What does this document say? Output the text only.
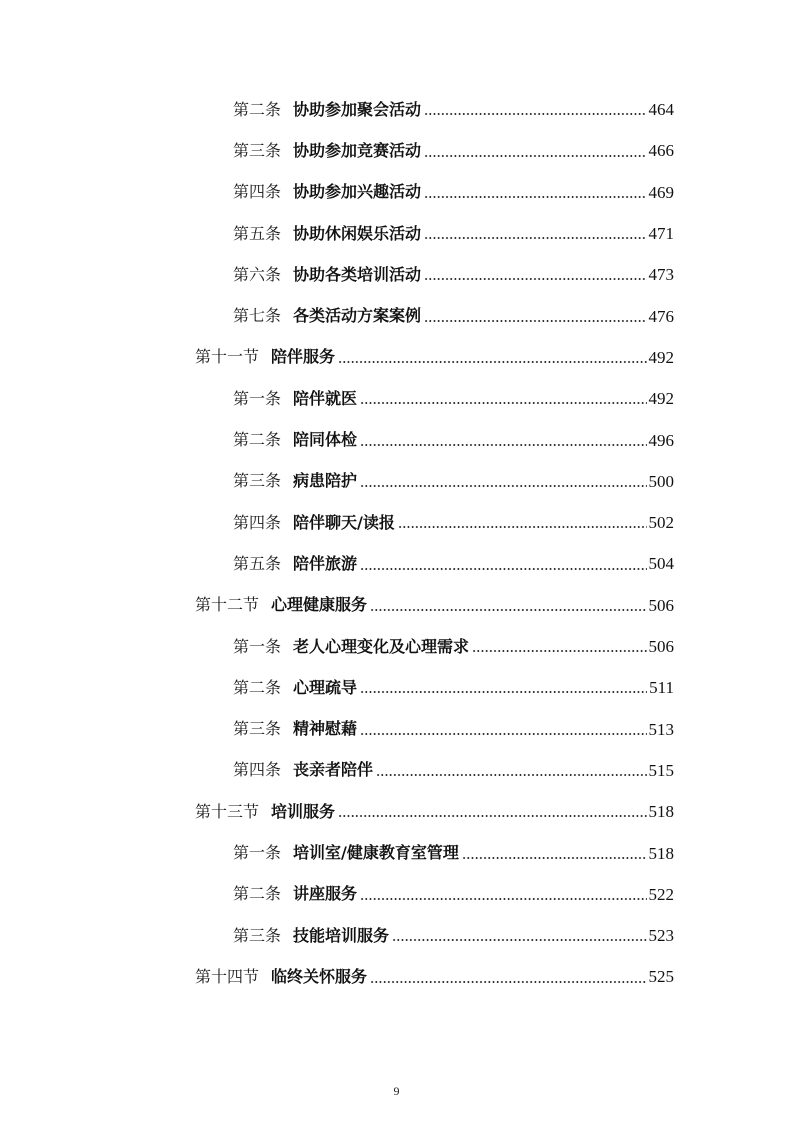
第二条 协助参加聚会活动	464
第三条 协助参加竞赛活动	466
第四条 协助参加兴趣活动	469
第五条 协助休闲娱乐活动	471
第六条 协助各类培训活动	473
第七条 各类活动方案案例	476
第十一节 陪伴服务	492
第一条 陪伴就医	492
第二条 陪同体检	496
第三条 病患陪护	500
第四条 陪伴聊天/读报	502
第五条 陪伴旅游	504
第十二节 心理健康服务	506
第一条 老人心理变化及心理需求	506
第二条 心理疏导	511
第三条 精神慰藉	513
第四条 丧亲者陪伴	515
第十三节 培训服务	518
第一条 培训室/健康教育室管理	518
第二条 讲座服务	522
第三条 技能培训服务	523
第十四节 临终关怀服务	525
9
